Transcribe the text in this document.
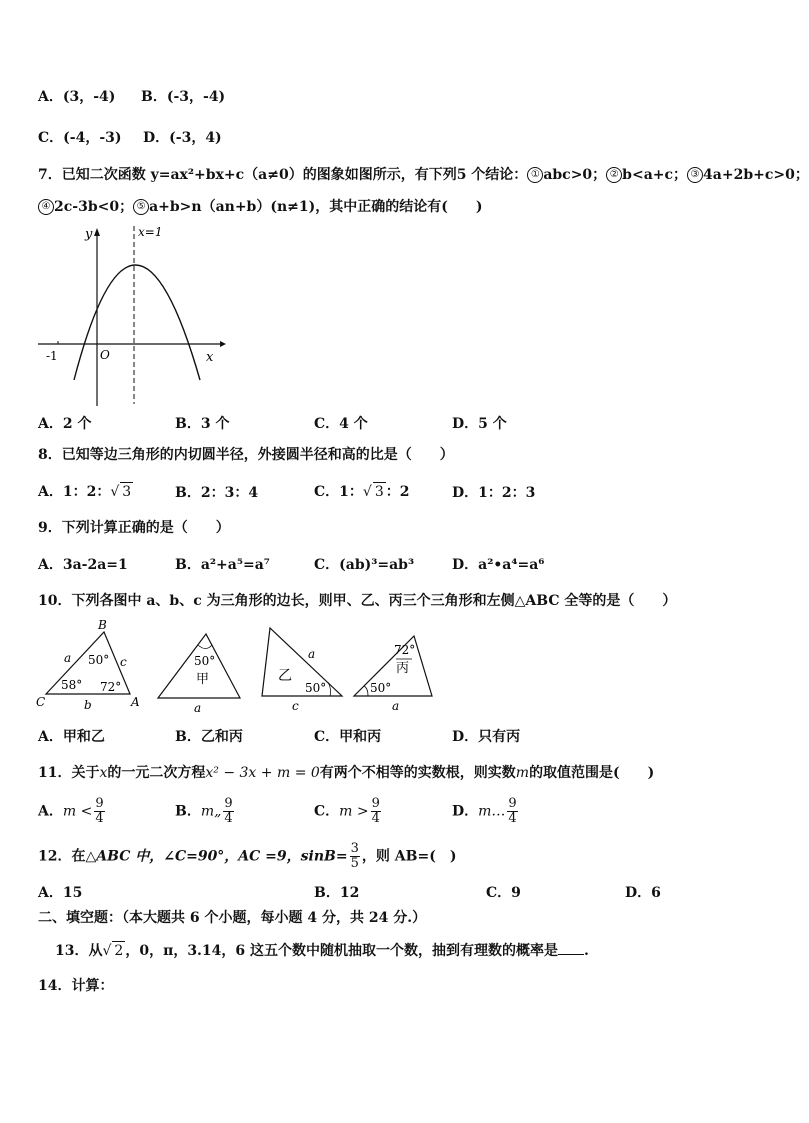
A．(3，-4) B．(-3，-4)
C．(-4，-3) D．(-3，4)
7．已知二次函数 y=ax²+bx+c（a≠0）的图象如图所示，有下列5 个结论： ① abc>0； ② b<a+c； ③ 4a+2b+c>0；
④ 2c-3b<0； ⑤ a+b>n（an+b）(n≠1)，其中正确的结论有(　　)
y
x
O
-1
x=1
A．2 个	B．3 个	C．4 个	D．5 个
8．已知等边三角形的内切圆半径，外接圆半径和高的比是（　　）
A．1：2：√ 3	B．2：3：4	C．1：√ 3 ：2	D．1：2：3
9．下列计算正确的是（　　）
A．3a-2a=1	B．a²+a⁵=a⁷	C．(ab)³=ab³	D．a²•a⁴=a⁶
10．下列各图中 a、b、c 为三角形的边长，则甲、乙、丙三个三角形和左侧△ABC 全等的是（　　）
B
C	A
a	c
b
50°
58° 72°
50°
甲
a
乙
50°
a
c
72°
丙
50°
a
A．甲和乙	B．乙和丙	C．甲和丙	D．只有丙
11．关于x的一元二次方程x² − 3x + m = 0有两个不相等的实数根，则实数m的取值范围是(　　)
A．$m < \frac{9}{4}$	B．m„ $\frac{9}{4}$	C．$m > \frac{9}{4}$	D．m… $\frac{9}{4}$
12．在△ABC 中，∠C=90°，AC =9，$\sin B= \frac{3}{5}$ ，则 AB=(　)
A．15	B．12	C．9	D．6
二、填空题：（本大题共 6 个小题，每小题 4 分，共 24 分.）
13．从√ 2 ，0，π，3.14，6 这五个数中随机抽取一个数，抽到有理数的概率是 .
14．计算：
